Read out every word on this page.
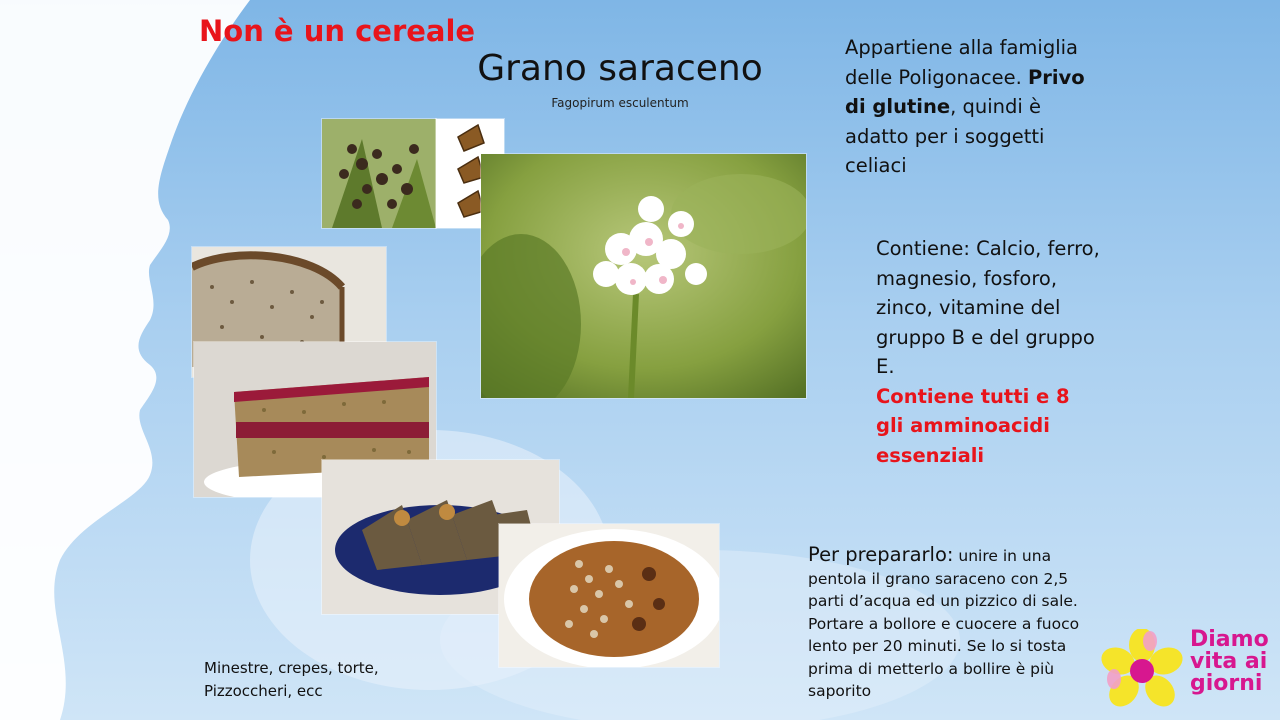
Non è un cereale
Grano saraceno
Fagopirum esculentum
Appartiene alla famiglia delle Poligonacee. Privo di glutine, quindi è adatto per i soggetti celiaci
Contiene: Calcio, ferro, magnesio, fosforo, zinco, vitamine del gruppo B e del gruppo E.
Contiene tutti e 8 gli amminoacidi essenziali
Per prepararlo: unire in una pentola il grano saraceno con 2,5 parti d’acqua ed un pizzico di sale. Portare a bollore e cuocere a fuoco lento per 20 minuti. Se lo si tosta prima di metterlo a bollire è più saporito
Minestre, crepes, torte,
Pizzoccheri, ecc
Diamo
vita ai
giorni
